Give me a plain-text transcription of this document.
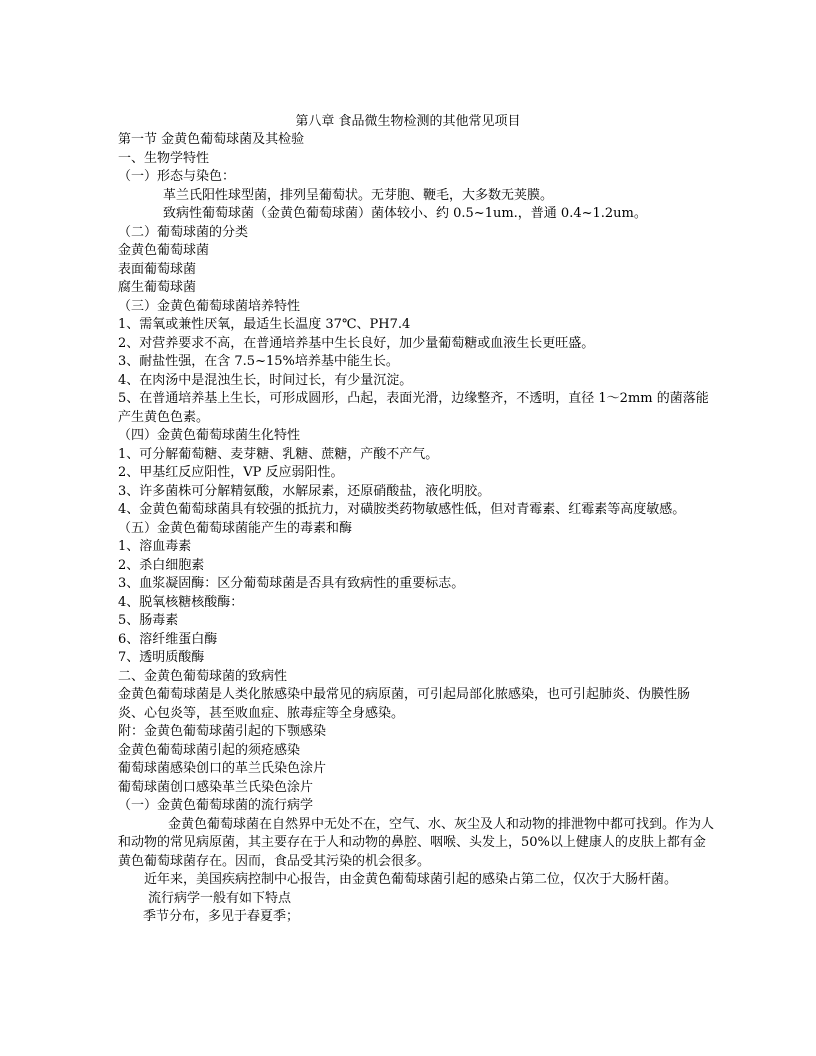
第八章 食品微生物检测的其他常见项目
第一节 金黄色葡萄球菌及其检验
一、生物学特性
（一）形态与染色：
革兰氏阳性球型菌，排列呈葡萄状。无芽胞、鞭毛，大多数无荚膜。
致病性葡萄球菌（金黄色葡萄球菌）菌体较小、约 0.5~1um.，普通 0.4~1.2um。
（二）葡萄球菌的分类
金黄色葡萄球菌
表面葡萄球菌
腐生葡萄球菌
（三）金黄色葡萄球菌培养特性
1、需氧或兼性厌氧，最适生长温度 37℃、PH7.4
2、对营养要求不高，在普通培养基中生长良好，加少量葡萄糖或血液生长更旺盛。
3、耐盐性强，在含 7.5~15%培养基中能生长。
4、在肉汤中是混浊生长，时间过长，有少量沉淀。
5、在普通培养基上生长，可形成圆形，凸起，表面光滑，边缘整齐，不透明，直径 1～2mm 的菌落能产生黄色色素。
（四）金黄色葡萄球菌生化特性
1、可分解葡萄糖、麦芽糖、乳糖、蔗糖，产酸不产气。
2、甲基红反应阳性，VP 反应弱阳性。
3、许多菌株可分解精氨酸，水解尿素，还原硝酸盐，液化明胶。
4、金黄色葡萄球菌具有较强的抵抗力，对磺胺类药物敏感性低，但对青霉素、红霉素等高度敏感。
（五）金黄色葡萄球菌能产生的毒素和酶
1、溶血毒素
2、杀白细胞素
3、血浆凝固酶：区分葡萄球菌是否具有致病性的重要标志。
4、脱氧核糖核酸酶：
5、肠毒素
6、溶纤维蛋白酶
7、透明质酸酶
二、金黄色葡萄球菌的致病性
金黄色葡萄球菌是人类化脓感染中最常见的病原菌，可引起局部化脓感染，也可引起肺炎、伪膜性肠炎、心包炎等，甚至败血症、脓毒症等全身感染。
附：金黄色葡萄球菌引起的下颚感染
金黄色葡萄球菌引起的须疮感染
葡萄球菌感染创口的革兰氏染色涂片
葡萄球菌创口感染革兰氏染色涂片
（一）金黄色葡萄球菌的流行病学
金黄色葡萄球菌在自然界中无处不在，空气、水、灰尘及人和动物的排泄物中都可找到。作为人和动物的常见病原菌，其主要存在于人和动物的鼻腔、咽喉、头发上，50%以上健康人的皮肤上都有金黄色葡萄球菌存在。因而，食品受其污染的机会很多。
近年来，美国疾病控制中心报告，由金黄色葡萄球菌引起的感染占第二位，仅次于大肠杆菌。
流行病学一般有如下特点
季节分布，多见于春夏季；
